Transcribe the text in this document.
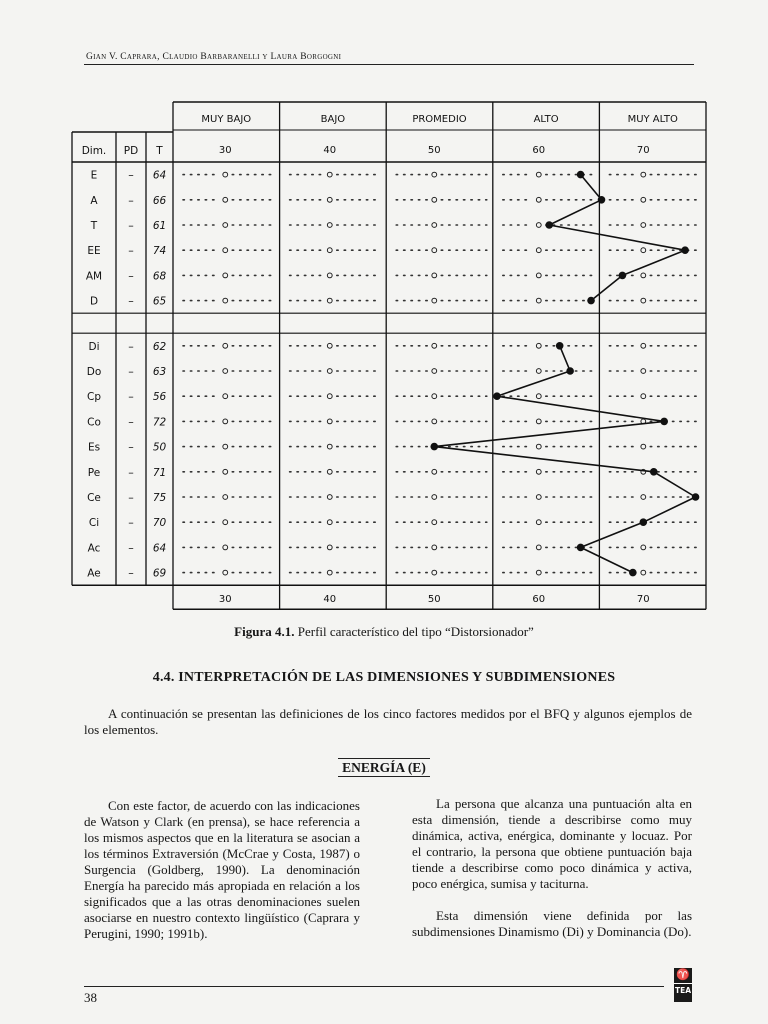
Gian V. Caprara, Claudio Barbaranelli y Laura Borgogni
MUY BAJO	BAJO	PROMEDIO	ALTO	MUY ALTO
Dim. PD T	30	40	50	60	70
30	40	50	60	70
E	– 64
A	– 66
T	– 61
EE	– 74
AM – 68
D	– 65
Di	– 62
Do – 63
Cp – 56
Co – 72
Es	– 50
Pe	– 71
Ce – 75
Ci	– 70
Ac	– 64
Ae	– 69
Figura 4.1. Perfil característico del tipo “Distorsionador”
4.4. INTERPRETACIÓN DE LAS DIMENSIONES Y SUBDIMENSIONES
A continuación se presentan las definiciones de los cinco factores medidos por el BFQ y algunos ejemplos de los elementos.
ENERGÍA (E)

Con este factor, de acuerdo con las indicaciones de Watson y Clark (en prensa), se hace referencia a los mismos aspectos que en la literatura se asocian a los términos Extraversión (McCrae y Costa, 1987) o Surgencia (Goldberg, 1990). La denominación Energía ha parecido más apropiada en relación a los significados que a las otras denominaciones suelen asociarse en nuestro contexto lingüístico (Caprara y Perugini, 1990; 1991b).

La persona que alcanza una puntuación alta en esta dimensión, tiende a describirse como muy dinámica, activa, enérgica, dominante y locuaz. Por el contrario, la persona que obtiene puntuación baja tiende a describirse como poco dinámica y activa, poco enérgica, sumisa y taciturna.

Esta dimensión viene definida por las subdimensiones Dinamismo (Di) y Dominancia (Do).

38
♈
TEA
